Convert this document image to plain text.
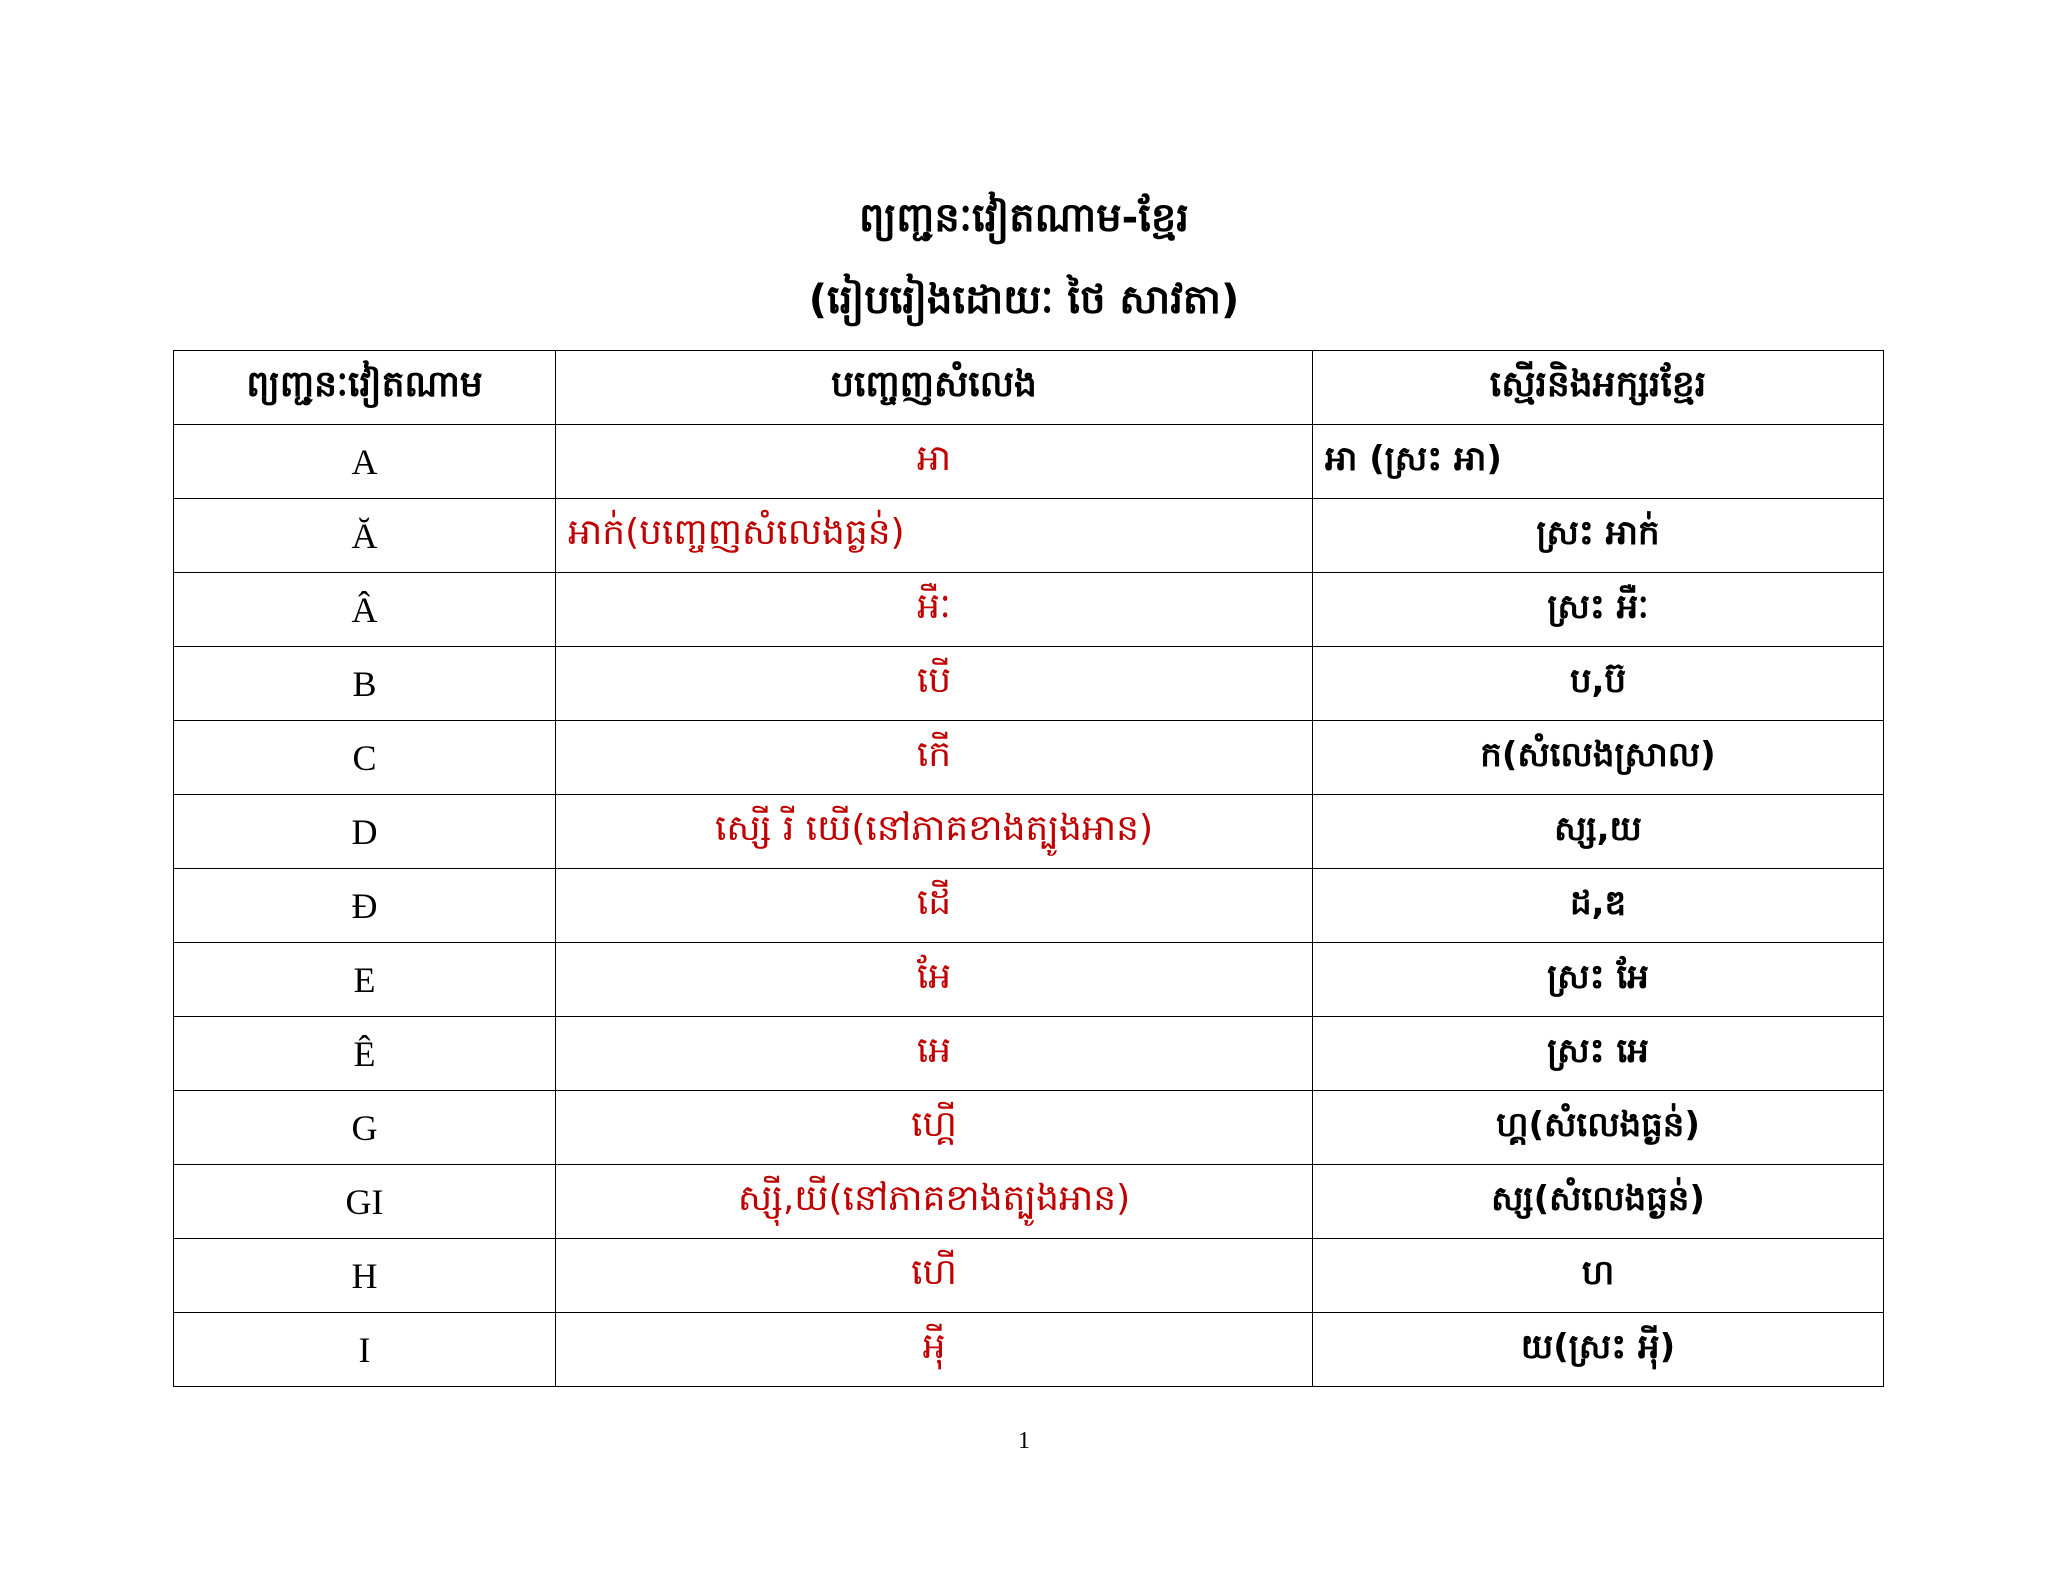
ព្យញ្ជនៈវៀតណាម-ខ្មែរ
(រៀបរៀងដោយៈ ថៃ សាវតា)
ព្យញ្ជនៈវៀតណាម	បញ្ចេញសំលេង	ស្មើរនិងអក្សរខ្មែរ
A	អា	អា (ស្រះ អា)
Ă	អាក់(បញ្ចេញសំលេងធ្ងន់)	ស្រះ អាក់
Â	អឺៈ	ស្រះ អឺៈ
B	បើ	ប,ប៊
C	កើ	ក(សំលេងស្រាល)
D	ស្សើ រី យើ(នៅភាគខាងត្បូងអាន)	ស្ស,យ
Đ	ដើ	ដ,ឌ
E	អែ	ស្រះ អែ
Ê	អេ	ស្រះ អេ
G	ហ្គើ	ហ្គ(សំលេងធ្ងន់)
GI	ស្សុី,យី(នៅភាគខាងត្បូងអាន)	ស្ស(សំលេងធ្ងន់)
H	ហើ	ហ
I	អុី	យ(ស្រះ អុី)
1
